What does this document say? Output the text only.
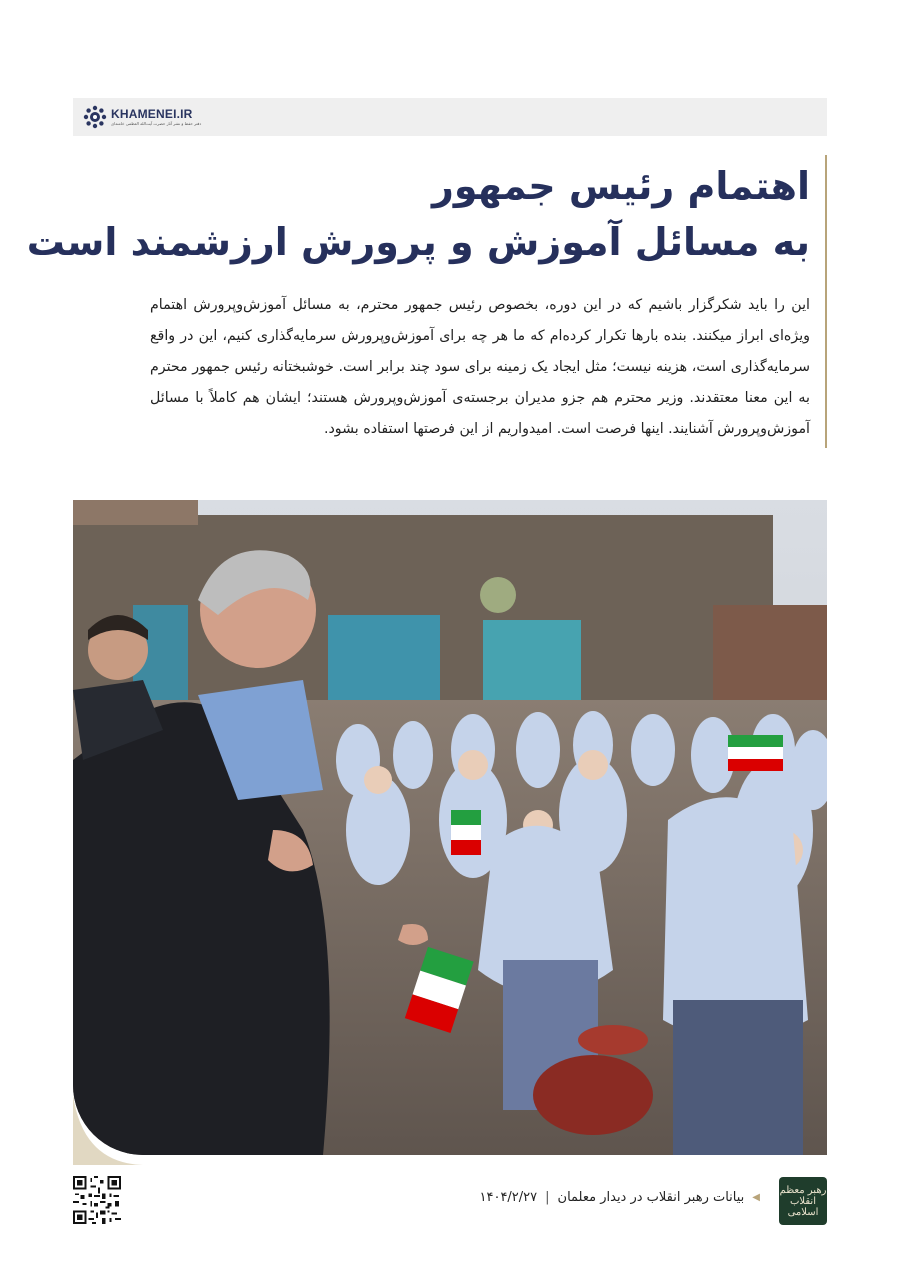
KHAMENEI.IR
دفتر حفظ و نشر آثار حضرت آیت‌الله العظمی خامنه‌ای
اهتمام رئیس جمهور
به مسائل آموزش و پرورش ارزشمند است
این را باید شکرگزار باشیم که در این دوره، بخصوص رئیس جمهور محترم، به مسائل آموزش‌وپرورش اهتمام ویژه‌ای ابراز میکنند. بنده بارها تکرار کرده‌ام که ما هر چه برای آموزش‌وپرورش سرمایه‌گذاری کنیم، این در واقع سرمایه‌گذاری است، هزینه نیست؛ مثل ایجاد یک زمینه برای سود چند برابر است. خوشبختانه رئیس جمهور محترم به این معنا معتقدند. وزیر محترم هم جزو مدیران برجسته‌ی آموزش‌وپرورش هستند؛ ایشان هم کاملاً با مسائل آموزش‌وپرورش آشنایند. اینها فرصت است. امیدواریم از این فرصتها استفاده بشود.
◀
بیانات رهبر انقلاب در دیدار معلمان
|
۱۴۰۴/۲/۲۷	رهبر معظم انقلاب اسلامی
